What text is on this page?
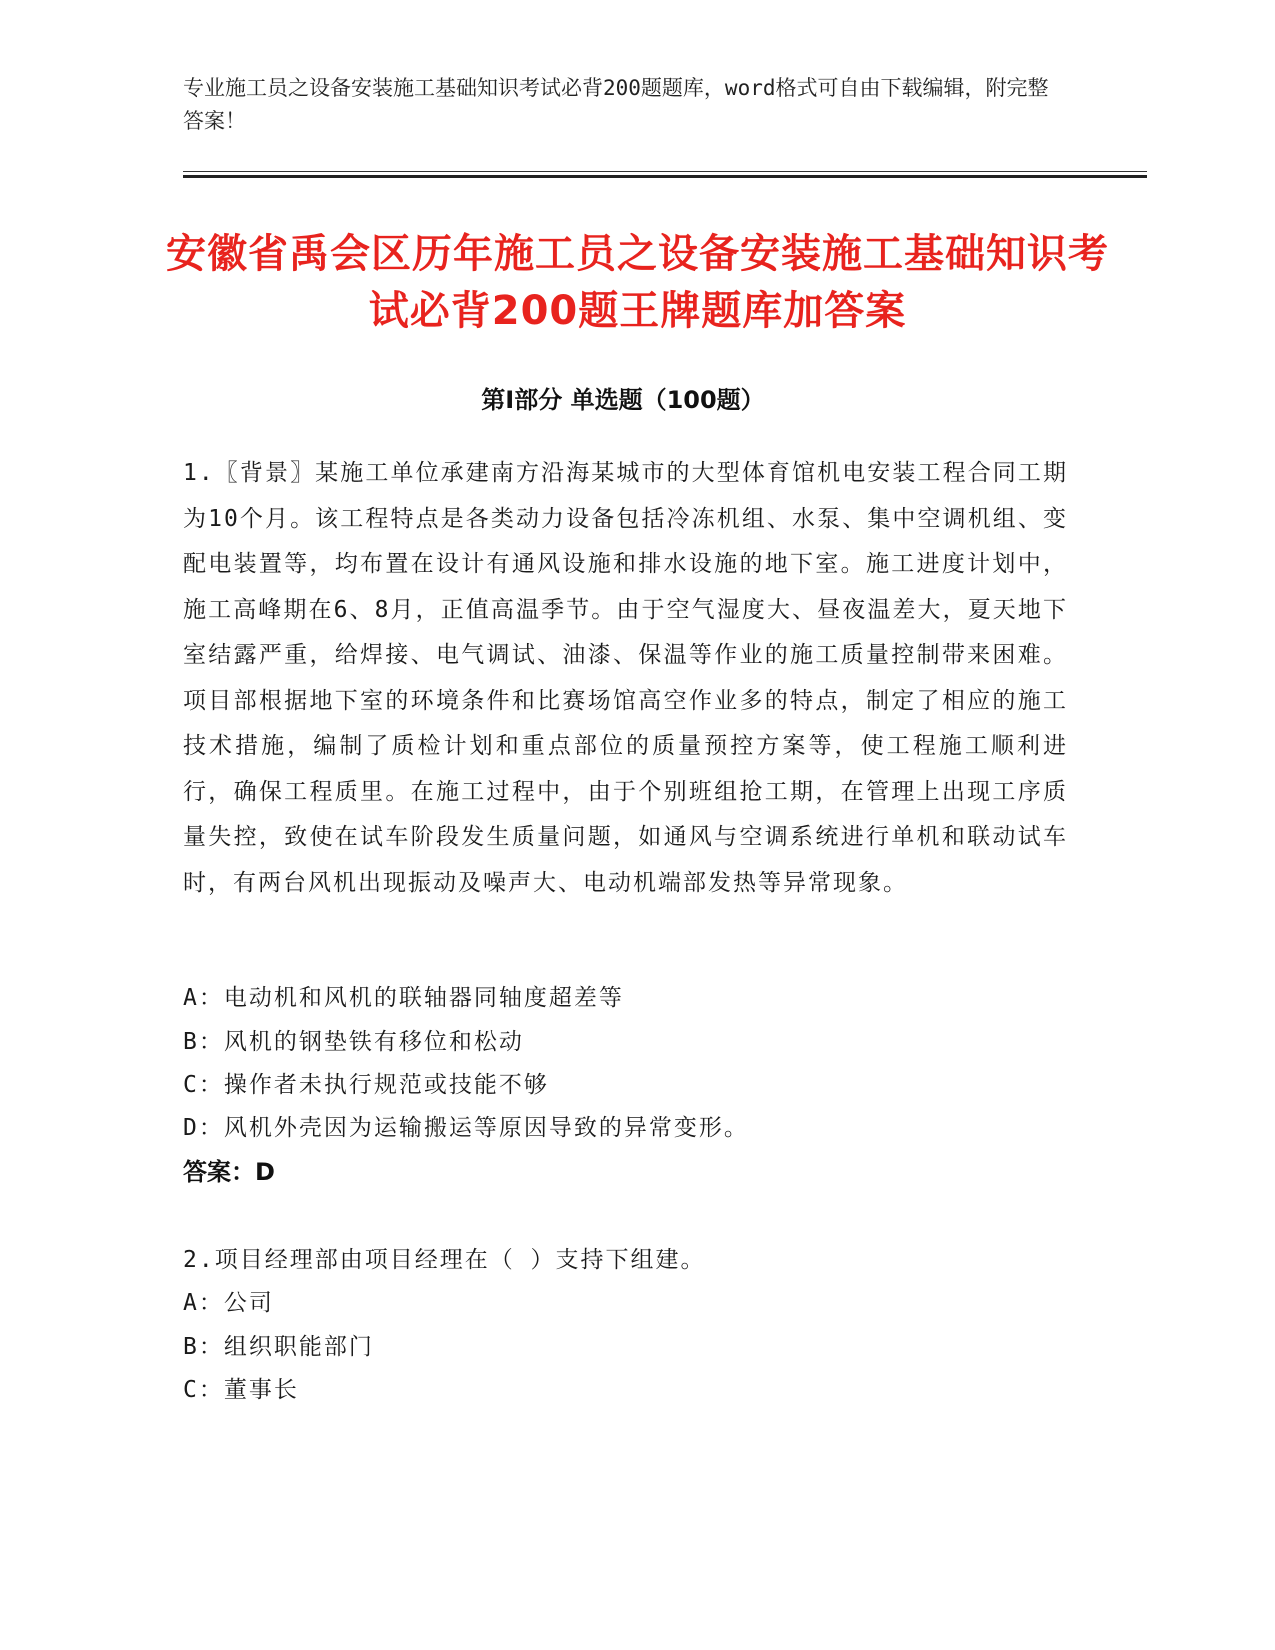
专业施工员之设备安装施工基础知识考试必背200题题库，word格式可自由下载编辑，附完整答案！
安徽省禹会区历年施工员之设备安装施工基础知识考试必背200题王牌题库加答案
第Ⅰ部分 单选题（100题）
1.〖背景〗某施工单位承建南方沿海某城市的大型体育馆机电安装工程合同工期为10个月。该工程特点是各类动力设备包括冷冻机组、水泵、集中空调机组、变配电装置等，均布置在设计有通风设施和排水设施的地下室。施工进度计划中，施工高峰期在6、8月，正值高温季节。由于空气湿度大、昼夜温差大，夏天地下室结露严重，给焊接、电气调试、油漆、保温等作业的施工质量控制带来困难。项目部根据地下室的环境条件和比赛场馆高空作业多的特点，制定了相应的施工技术措施，编制了质检计划和重点部位的质量预控方案等，使工程施工顺利进行，确保工程质里。在施工过程中，由于个别班组抢工期，在管理上出现工序质量失控，致使在试车阶段发生质量问题，如通风与空调系统进行单机和联动试车时，有两台风机出现振动及噪声大、电动机端部发热等异常现象。
A：电动机和风机的联轴器同轴度超差等
B：风机的钢垫铁有移位和松动
C：操作者未执行规范或技能不够
D：风机外壳因为运输搬运等原因导致的异常变形。
答案：D
2.项目经理部由项目经理在（ ）支持下组建。
A：公司
B：组织职能部门
C：董事长
